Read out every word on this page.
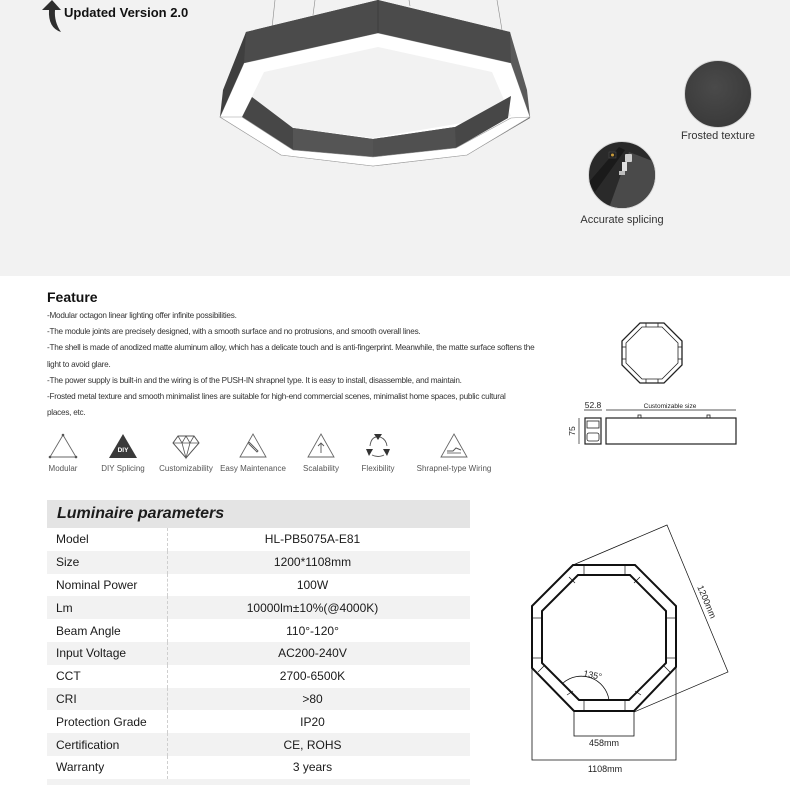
Updated Version 2.0
Frosted texture
Accurate splicing
Feature

-Modular octagon linear lighting offer infinite possibilities.

-The module joints are precisely designed, with a smooth surface and no protrusions, and smooth overall lines.

-The shell is made of anodized matte aluminum alloy, which has a delicate touch and is anti-fingerprint. Meanwhile, the matte surface softens the light to avoid glare.

-The power supply is built-in and the wiring is of the PUSH-IN shrapnel type. It is easy to install, disassemble, and maintain.

-Frosted metal texture and smooth minimalist lines are suitable for high-end commercial scenes, minimalist home spaces, public cultural places, etc.

Modular
DIY
DIY Splicing Customizability Easy Maintenance Scalability	Flexibility	Shrapnel-type Wiring
52.8
75
Customizable size
Luminaire parameters
Model	HL-PB5075A-E81
Size	1200*1108mm
Nominal Power	100W
Lm	10000lm±10%(@4000K)
Beam Angle	110°-120°
Input Voltage	AC200-240V
CCT	2700-6500K
CRI	>80
Protection Grade	IP20
Certification	CE, ROHS
Warranty	3 years
1200mm
135°
458mm
1108mm
